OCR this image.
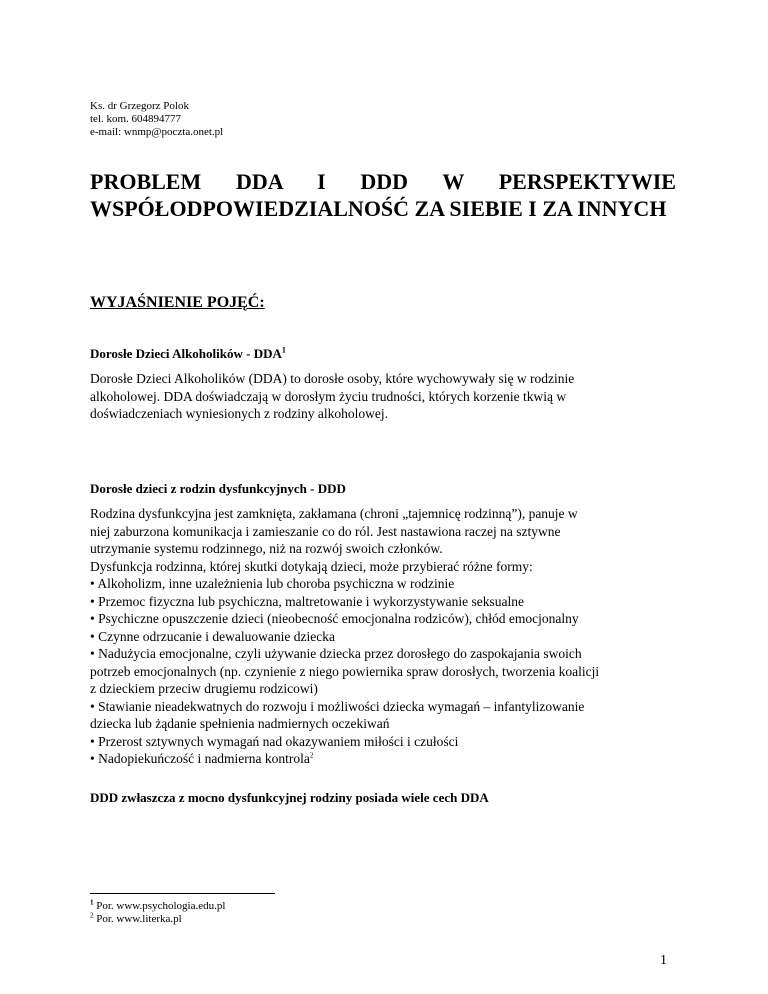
Ks. dr Grzegorz Polok
tel. kom. 604894777
e-mail: wnmp@poczta.onet.pl
PROBLEM DDA I DDD W PERSPEKTYWIE WSPÓŁODPOWIEDZIALNOŚĆ ZA SIEBIE I ZA INNYCH
WYJAŚNIENIE POJĘĆ:
Dorosłe Dzieci Alkoholików - DDA$^1$
Dorosłe Dzieci Alkoholików (DDA) to dorosłe osoby, które wychowywały się w rodzinie
alkoholowej. DDA doświadczają w dorosłym życiu trudności, których korzenie tkwią w
doświadczeniach wyniesionych z rodziny alkoholowej.
Dorosłe dzieci z rodzin dysfunkcyjnych - DDD
Rodzina dysfunkcyjna jest zamknięta, zakłamana (chroni „tajemnicę rodzinną”), panuje w
niej zaburzona komunikacja i zamieszanie co do ról. Jest nastawiona raczej na sztywne
utrzymanie systemu rodzinnego, niż na rozwój swoich członków.
Dysfunkcja rodzinna, której skutki dotykają dzieci, może przybierać różne formy:
• Alkoholizm, inne uzależnienia lub choroba psychiczna w rodzinie
• Przemoc fizyczna lub psychiczna, maltretowanie i wykorzystywanie seksualne
• Psychiczne opuszczenie dzieci (nieobecność emocjonalna rodziców), chłód emocjonalny
• Czynne odrzucanie i dewaluowanie dziecka
• Nadużycia emocjonalne, czyli używanie dziecka przez dorosłego do zaspokajania swoich
potrzeb emocjonalnych (np. czynienie z niego powiernika spraw dorosłych, tworzenia koalicji
z dzieckiem przeciw drugiemu rodzicowi)
• Stawianie nieadekwatnych do rozwoju i możliwości dziecka wymagań – infantylizowanie
dziecka lub żądanie spełnienia nadmiernych oczekiwań
• Przerost sztywnych wymagań nad okazywaniem miłości i czułości
• Nadopiekuńczość i nadmierna kontrola$^2$
DDD zwłaszcza z mocno dysfunkcyjnej rodziny posiada wiele cech DDA
$^1$ Por. www.psychologia.edu.pl
$^2$ Por. www.literka.pl
1
